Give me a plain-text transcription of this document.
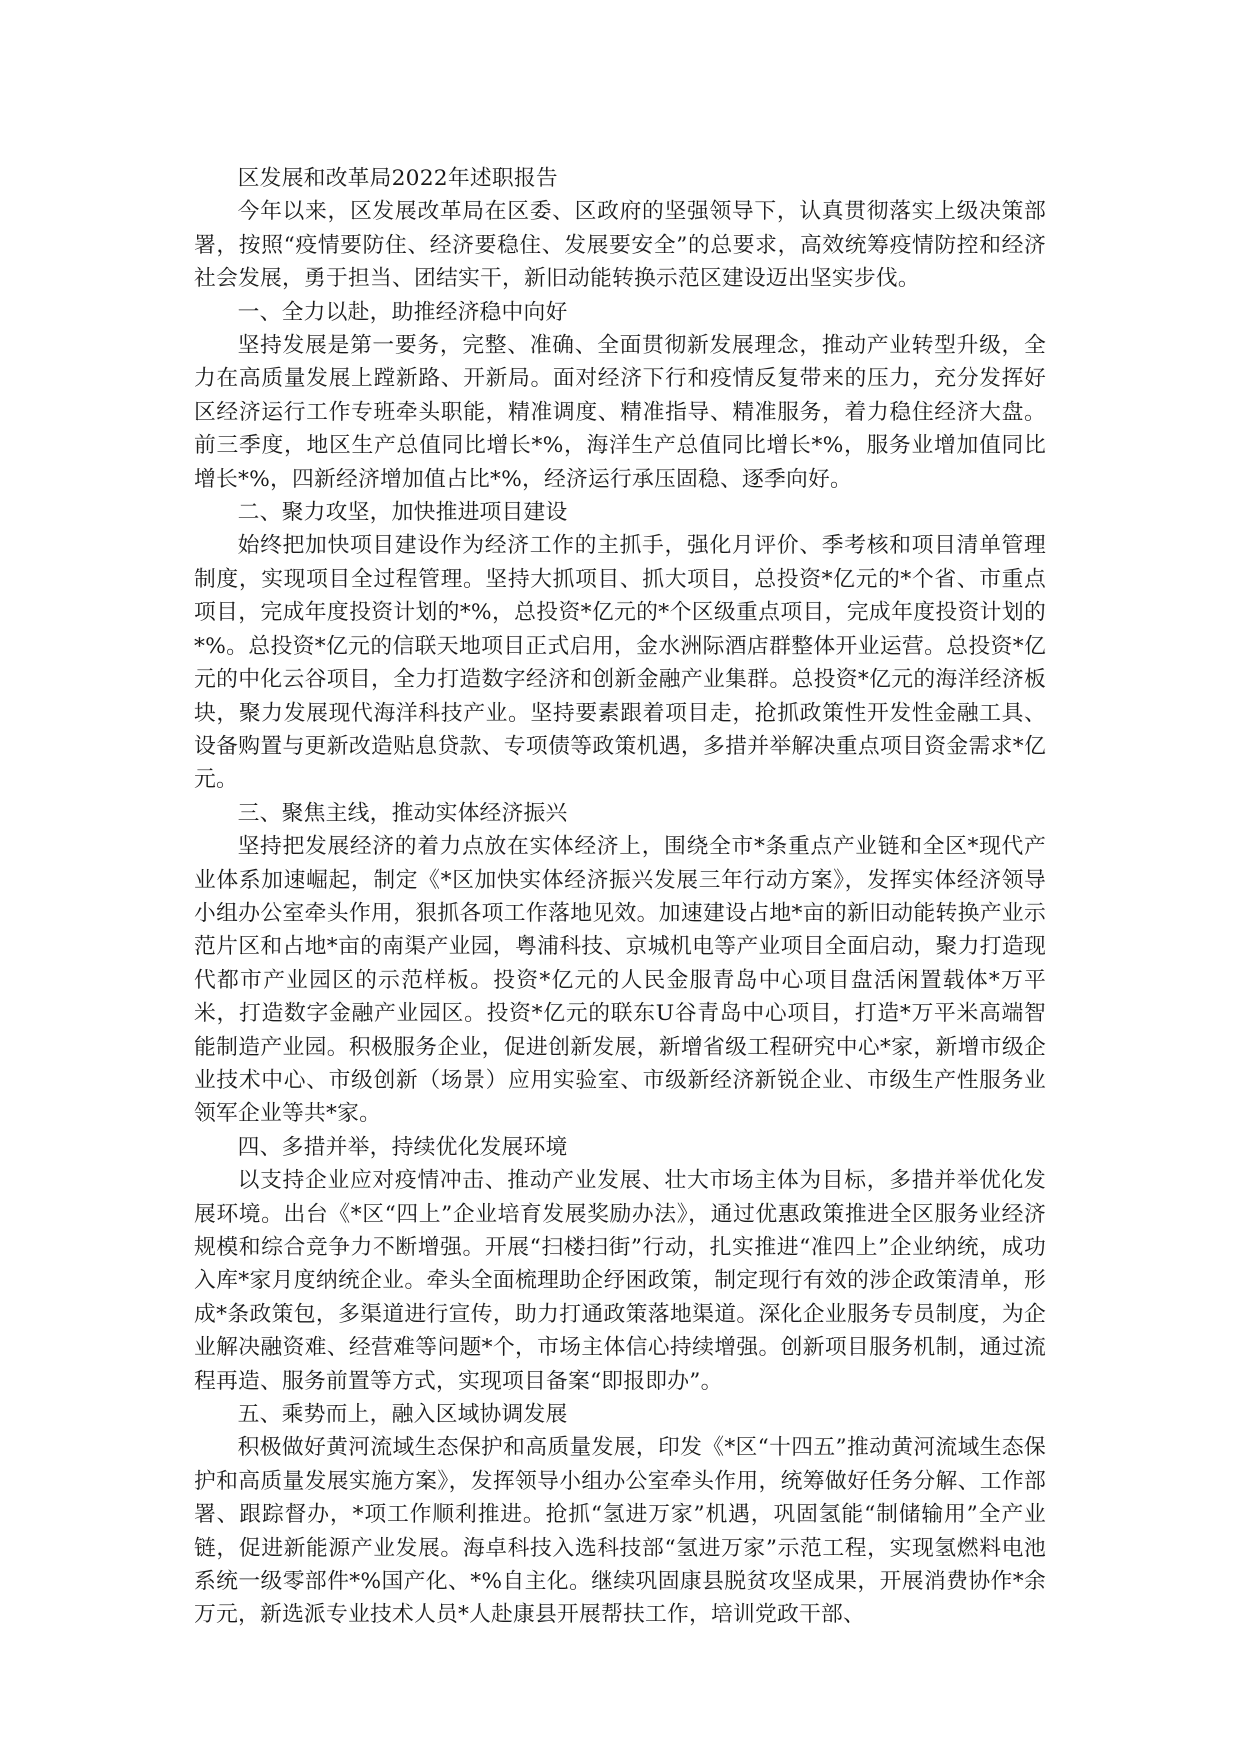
区发展和改革局2022年述职报告

今年以来，区发展改革局在区委、区政府的坚强领导下，认真贯彻落实上级决策部署，按照“疫情要防住、经济要稳住、发展要安全”的总要求，高效统筹疫情防控和经济社会发展，勇于担当、团结实干，新旧动能转换示范区建设迈出坚实步伐。

一、全力以赴，助推经济稳中向好

坚持发展是第一要务，完整、准确、全面贯彻新发展理念，推动产业转型升级，全力在高质量发展上蹚新路、开新局。面对经济下行和疫情反复带来的压力，充分发挥好区经济运行工作专班牵头职能，精准调度、精准指导、精准服务，着力稳住经济大盘。前三季度，地区生产总值同比增长*%，海洋生产总值同比增长*%，服务业增加值同比增长*%，四新经济增加值占比*%，经济运行承压固稳、逐季向好。

二、聚力攻坚，加快推进项目建设

始终把加快项目建设作为经济工作的主抓手，强化月评价、季考核和项目清单管理制度，实现项目全过程管理。坚持大抓项目、抓大项目，总投资*亿元的*个省、市重点项目，完成年度投资计划的*%，总投资*亿元的*个区级重点项目，完成年度投资计划的*%。总投资*亿元的信联天地项目正式启用，金水洲际酒店群整体开业运营。总投资*亿元的中化云谷项目，全力打造数字经济和创新金融产业集群。总投资*亿元的海洋经济板块，聚力发展现代海洋科技产业。坚持要素跟着项目走，抢抓政策性开发性金融工具、设备购置与更新改造贴息贷款、专项债等政策机遇，多措并举解决重点项目资金需求*亿元。

三、聚焦主线，推动实体经济振兴

坚持把发展经济的着力点放在实体经济上，围绕全市*条重点产业链和全区*现代产业体系加速崛起，制定《*区加快实体经济振兴发展三年行动方案》，发挥实体经济领导小组办公室牵头作用，狠抓各项工作落地见效。加速建设占地*亩的新旧动能转换产业示范片区和占地*亩的南渠产业园，粤浦科技、京城机电等产业项目全面启动，聚力打造现代都市产业园区的示范样板。投资*亿元的人民金服青岛中心项目盘活闲置载体*万平米，打造数字金融产业园区。投资*亿元的联东U谷青岛中心项目，打造*万平米高端智能制造产业园。积极服务企业，促进创新发展，新增省级工程研究中心*家，新增市级企业技术中心、市级创新（场景）应用实验室、市级新经济新锐企业、市级生产性服务业领军企业等共*家。

四、多措并举，持续优化发展环境

以支持企业应对疫情冲击、推动产业发展、壮大市场主体为目标，多措并举优化发展环境。出台《*区“四上”企业培育发展奖励办法》，通过优惠政策推进全区服务业经济规模和综合竞争力不断增强。开展“扫楼扫街”行动，扎实推进“准四上”企业纳统，成功入库*家月度纳统企业。牵头全面梳理助企纾困政策，制定现行有效的涉企政策清单，形成*条政策包，多渠道进行宣传，助力打通政策落地渠道。深化企业服务专员制度，为企业解决融资难、经营难等问题*个，市场主体信心持续增强。创新项目服务机制，通过流程再造、服务前置等方式，实现项目备案“即报即办”。

五、乘势而上，融入区域协调发展

积极做好黄河流域生态保护和高质量发展，印发《*区“十四五”推动黄河流域生态保护和高质量发展实施方案》，发挥领导小组办公室牵头作用，统筹做好任务分解、工作部署、跟踪督办，*项工作顺利推进。抢抓“氢进万家”机遇，巩固氢能“制储输用”全产业链，促进新能源产业发展。海卓科技入选科技部“氢进万家”示范工程，实现氢燃料电池系统一级零部件*%国产化、*%自主化。继续巩固康县脱贫攻坚成果，开展消费协作*余万元，新选派专业技术人员*人赴康县开展帮扶工作，培训党政干部、
